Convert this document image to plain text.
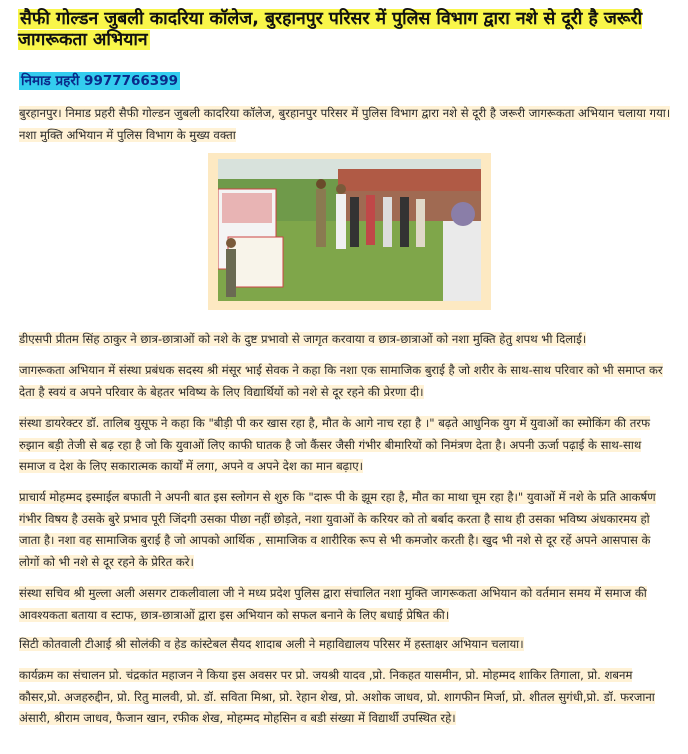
सैफी गोल्डन जुबली कादरिया कॉलेज, बुरहानपुर परिसर में पुलिस विभाग द्वारा नशे से दूरी है जरूरी जागरूकता अभियान
निमाड प्रहरी 9977766399
बुरहानपुर। निमाड प्रहरी सैफी गोल्डन जुबली कादरिया कॉलेज, बुरहानपुर परिसर में पुलिस विभाग द्वारा नशे से दूरी है जरूरी जागरूकता अभियान चलाया गया। नशा मुक्ति अभियान में पुलिस विभाग के मुख्य वक्ता
डीएसपी प्रीतम सिंह ठाकुर ने छात्र-छात्राओं को नशे के दुष्ट प्रभावो से जागृत करवाया व छात्र-छात्राओं को नशा मुक्ति हेतु शपथ भी दिलाई।
जागरूकता अभियान में संस्था प्रबंधक सदस्य श्री मंसूर भाई सेवक ने कहा कि नशा एक सामाजिक बुराई है जो शरीर के साथ-साथ परिवार को भी समाप्त कर देता है स्वयं व अपने परिवार के बेहतर भविष्य के लिए विद्यार्थियों को नशे से दूर रहने की प्रेरणा दी।
संस्था डायरेक्टर डॉ. तालिब युसूफ ने कहा कि "बीड़ी पी कर खास रहा है, मौत के आगे नाच रहा है ।" बढ़ते आधुनिक युग में युवाओं का स्मोकिंग की तरफ रुझान बड़ी तेजी से बढ़ रहा है जो कि युवाओं लिए काफी घातक है जो कैंसर जैसी गंभीर बीमारियों को निमंत्रण देता है। अपनी ऊर्जा पढ़ाई के साथ-साथ समाज व देश के लिए सकारात्मक कार्यों में लगा, अपने व अपने देश का मान बढ़ाए।
प्राचार्य मोहम्मद इस्माईल बफाती ने अपनी बात इस स्लोगन से शुरु कि "दारू पी के झूम रहा है, मौत का माथा चूम रहा है।" युवाओं में नशे के प्रति आकर्षण गंभीर विषय है उसके बुरे प्रभाव पूरी जिंदगी उसका पीछा नहीं छोड़ते, नशा युवाओं के करियर को तो बर्बाद करता है साथ ही उसका भविष्य अंधकारमय हो जाता है। नशा वह सामाजिक बुराई है जो आपको आर्थिक , सामाजिक व शारीरिक रूप से भी कमजोर करती है। खुद भी नशे से दूर रहें अपने आसपास के लोगों को भी नशे से दूर रहने के प्रेरित करे।
संस्था सचिव श्री मुल्ला अली असगर टाकलीवाला जी ने मध्य प्रदेश पुलिस द्वारा संचालित नशा मुक्ति जागरूकता अभियान को वर्तमान समय में समाज की आवश्यकता बताया व स्टाफ, छात्र-छात्राओं द्वारा इस अभियान को सफल बनाने के लिए बधाई प्रेषित की।
सिटी कोतवाली टीआई श्री सोलंकी व हेड कांस्टेबल सैयद शादाब अली ने महाविद्यालय परिसर में हस्ताक्षर अभियान चलाया।
कार्यक्रम का संचालन प्रो. चंद्रकांत महाजन ने किया इस अवसर पर प्रो. जयश्री यादव ,प्रो. निकहत यासमीन, प्रो. मोहम्मद शाकिर तिगाला, प्रो. शबनम कौसर,प्रो. अजहरुद्दीन, प्रो. रितु मालवी, प्रो. डॉ. सविता मिश्रा, प्रो. रेहान शेख, प्रो. अशोक जाधव, प्रो. शागफीन मिर्जा, प्रो. शीतल सुगंधी,प्रो. डॉ. फरजाना अंसारी, श्रीराम जाधव, फैजान खान, रफीक शेख, मोहम्मद मोहसिन व बडी संख्या में विद्यार्थी उपस्थित रहे।
